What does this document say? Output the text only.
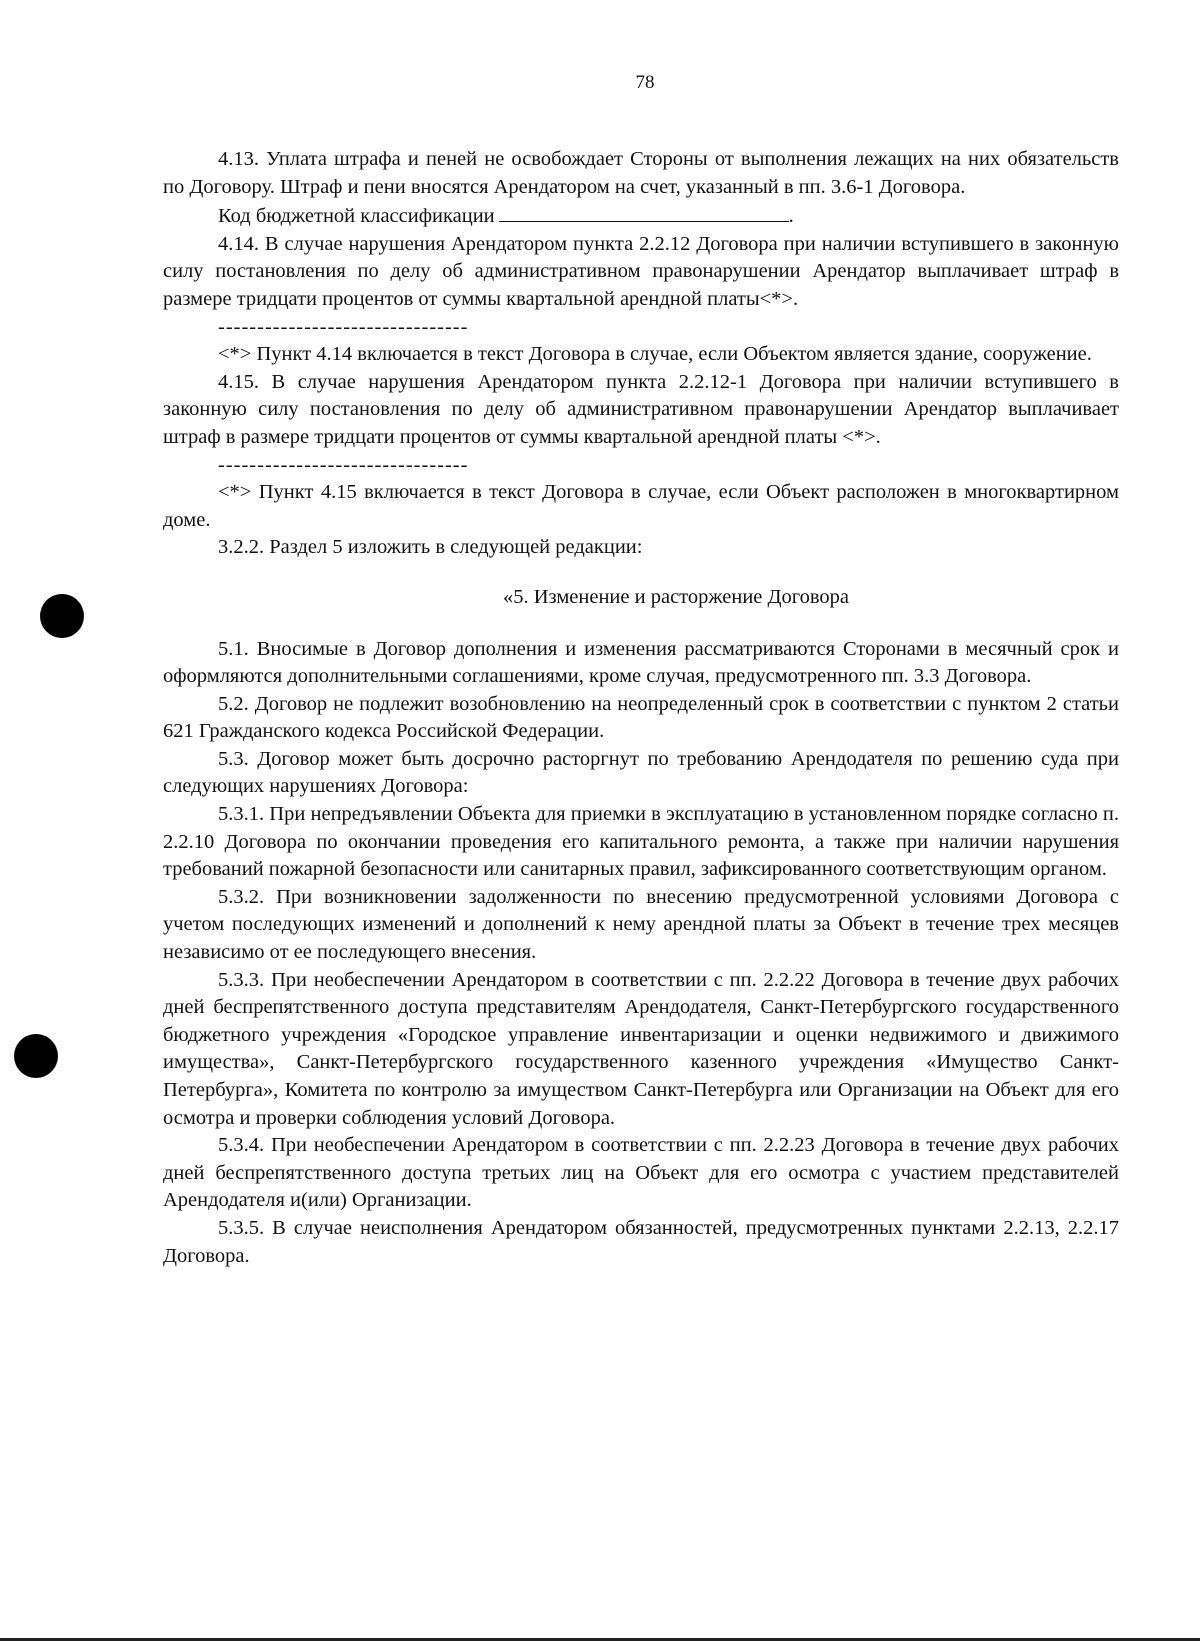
78

4.13. Уплата штрафа и пеней не освобождает Стороны от выполнения лежащих на них обязательств по Договору. Штраф и пени вносятся Арендатором на счет, указанный в пп. 3.6-1 Договора.

Код бюджетной классификации	.

4.14. В случае нарушения Арендатором пункта 2.2.12 Договора при наличии вступившего в законную силу постановления по делу об административном правонарушении Арендатор выплачивает штраф в размере тридцати процентов от суммы квартальной арендной платы<*>.

--------------------------------

<*> Пункт 4.14 включается в текст Договора в случае, если Объектом является здание, сооружение.

4.15. В случае нарушения Арендатором пункта 2.2.12-1 Договора при наличии вступившего в законную силу постановления по делу об административном правонарушении Арендатор выплачивает штраф в размере тридцати процентов от суммы квартальной арендной платы <*>.

--------------------------------

<*> Пункт 4.15 включается в текст Договора в случае, если Объект расположен в многоквартирном доме.

3.2.2. Раздел 5 изложить в следующей редакции:

«5. Изменение и расторжение Договора

5.1. Вносимые в Договор дополнения и изменения рассматриваются Сторонами в месячный срок и оформляются дополнительными соглашениями, кроме случая, предусмотренного пп. 3.3 Договора.

5.2. Договор не подлежит возобновлению на неопределенный срок в соответствии с пунктом 2 статьи 621 Гражданского кодекса Российской Федерации.

5.3. Договор может быть досрочно расторгнут по требованию Арендодателя по решению суда при следующих нарушениях Договора:

5.3.1. При непредъявлении Объекта для приемки в эксплуатацию в установленном порядке согласно п. 2.2.10 Договора по окончании проведения его капитального ремонта, а также при наличии нарушения требований пожарной безопасности или санитарных правил, зафиксированного соответствующим органом.

5.3.2. При возникновении задолженности по внесению предусмотренной условиями Договора с учетом последующих изменений и дополнений к нему арендной платы за Объект в течение трех месяцев независимо от ее последующего внесения.

5.3.3. При необеспечении Арендатором в соответствии с пп. 2.2.22 Договора в течение двух рабочих дней беспрепятственного доступа представителям Арендодателя, Санкт-Петербургского государственного бюджетного учреждения «Городское управление инвентаризации и оценки недвижимого и движимого имущества», Санкт-Петербургского государственного казенного учреждения «Имущество Санкт-Петербурга», Комитета по контролю за имуществом Санкт-Петербурга или Организации на Объект для его осмотра и проверки соблюдения условий Договора.

5.3.4. При необеспечении Арендатором в соответствии с пп. 2.2.23 Договора в течение двух рабочих дней беспрепятственного доступа третьих лиц на Объект для его осмотра с участием представителей Арендодателя и(или) Организации.

5.3.5. В случае неисполнения Арендатором обязанностей, предусмотренных пунктами 2.2.13, 2.2.17 Договора.
